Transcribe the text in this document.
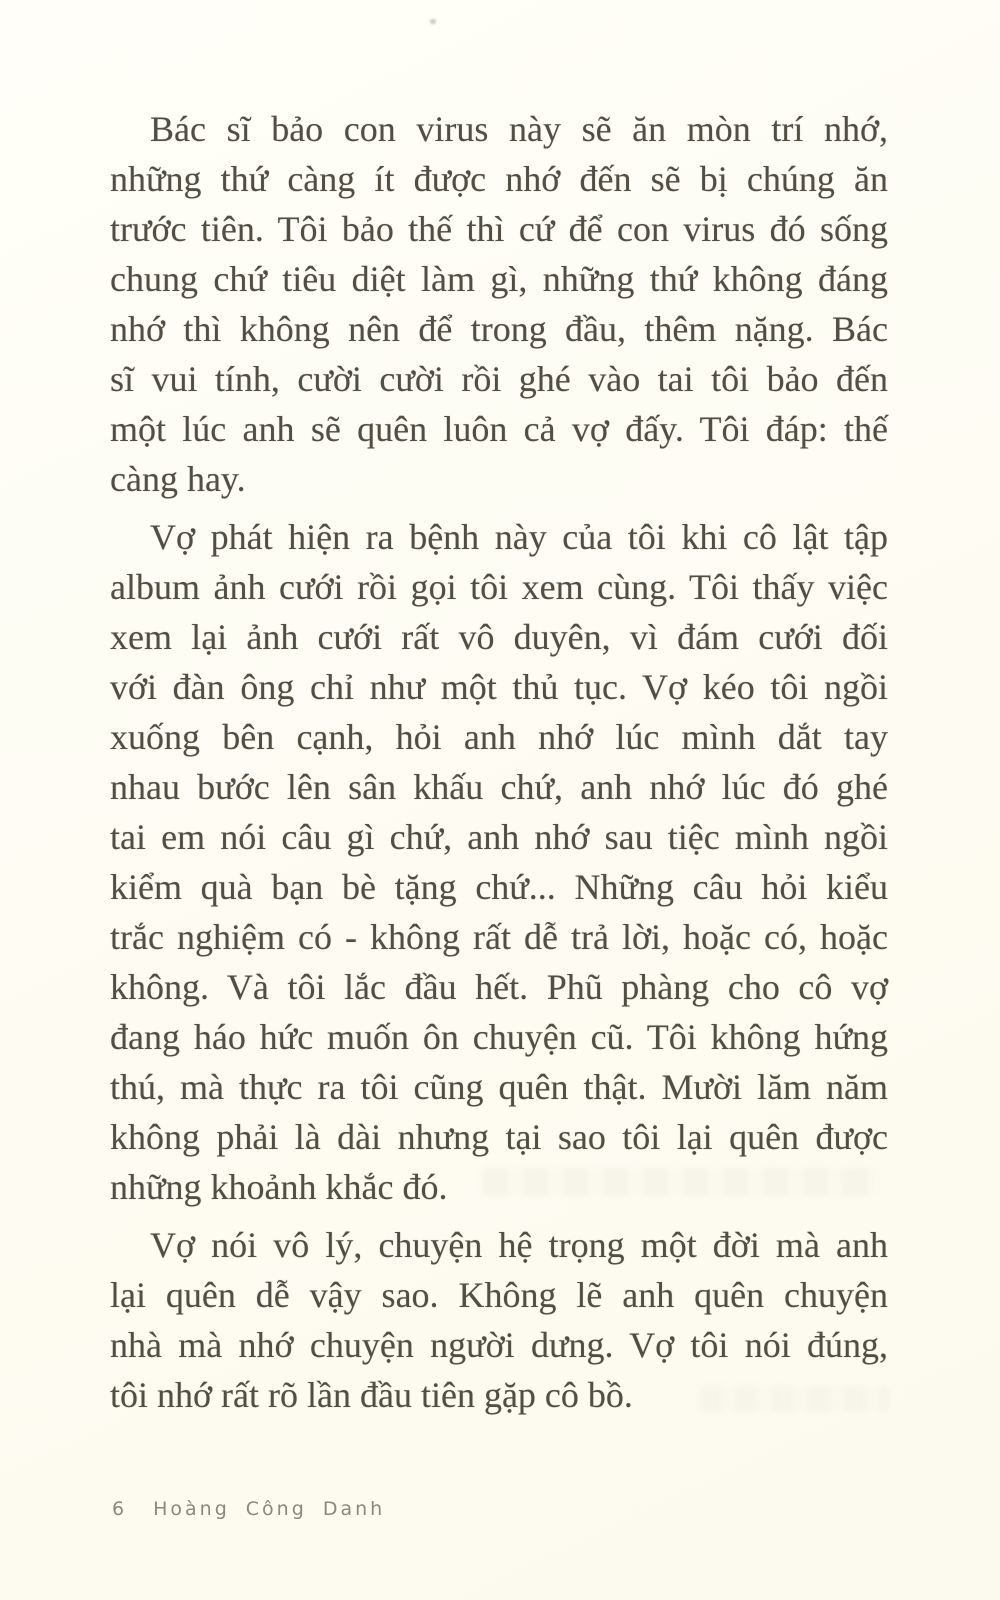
Bác sĩ bảo con virus này sẽ ăn mòn trí nhớ,
những thứ càng ít được nhớ đến sẽ bị chúng ăn
trước tiên. Tôi bảo thế thì cứ để con virus đó sống
chung chứ tiêu diệt làm gì, những thứ không đáng
nhớ thì không nên để trong đầu, thêm nặng. Bác
sĩ vui tính, cười cười rồi ghé vào tai tôi bảo đến
một lúc anh sẽ quên luôn cả vợ đấy. Tôi đáp: thế
càng hay.
Vợ phát hiện ra bệnh này của tôi khi cô lật tập
album ảnh cưới rồi gọi tôi xem cùng. Tôi thấy việc
xem lại ảnh cưới rất vô duyên, vì đám cưới đối
với đàn ông chỉ như một thủ tục. Vợ kéo tôi ngồi
xuống bên cạnh, hỏi anh nhớ lúc mình dắt tay
nhau bước lên sân khấu chứ, anh nhớ lúc đó ghé
tai em nói câu gì chứ, anh nhớ sau tiệc mình ngồi
kiểm quà bạn bè tặng chứ... Những câu hỏi kiểu
trắc nghiệm có - không rất dễ trả lời, hoặc có, hoặc
không. Và tôi lắc đầu hết. Phũ phàng cho cô vợ
đang háo hức muốn ôn chuyện cũ. Tôi không hứng
thú, mà thực ra tôi cũng quên thật. Mười lăm năm
không phải là dài nhưng tại sao tôi lại quên được
những khoảnh khắc đó.
Vợ nói vô lý, chuyện hệ trọng một đời mà anh
lại quên dễ vậy sao. Không lẽ anh quên chuyện
nhà mà nhớ chuyện người dưng. Vợ tôi nói đúng,
tôi nhớ rất rõ lần đầu tiên gặp cô bồ.
6 Hoàng Công Danh
